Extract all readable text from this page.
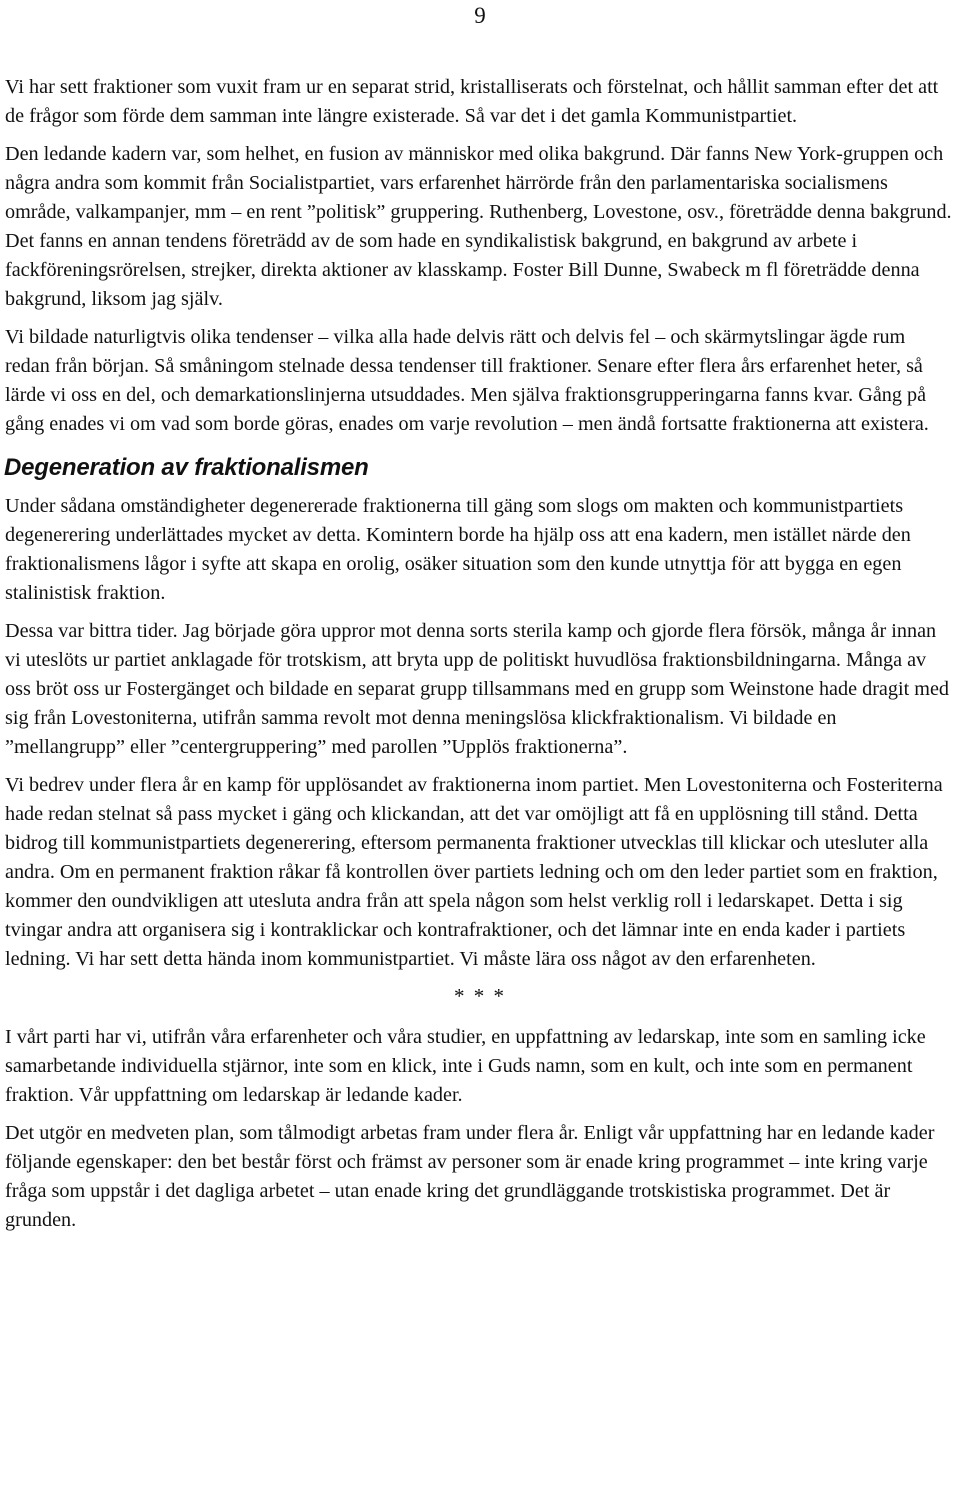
9

Vi har sett fraktioner som vuxit fram ur en separat strid, kristalliserats och förstelnat, och hållit samman efter det att de frågor som förde dem samman inte längre existerade. Så var det i det gamla Kommunistpartiet.

Den ledande kadern var, som helhet, en fusion av människor med olika bakgrund. Där fanns New York-gruppen och några andra som kommit från Socialistpartiet, vars erfarenhet härrörde från den parlamentariska socialismens område, valkampanjer, mm – en rent ”politisk” gruppering. Ruthenberg, Lovestone, osv., företrädde denna bakgrund. Det fanns en annan tendens företrädd av de som hade en syndikalistisk bakgrund, en bakgrund av arbete i fackföreningsrörelsen, strejker, direkta aktioner av klasskamp. Foster Bill Dunne, Swabeck m fl företrädde denna bakgrund, liksom jag själv.

Vi bildade naturligtvis olika tendenser – vilka alla hade delvis rätt och delvis fel – och skärmytslingar ägde rum redan från början. Så småningom stelnade dessa tendenser till fraktioner. Senare efter flera års erfarenhet heter, så lärde vi oss en del, och demarkationslinjerna utsuddades. Men själva fraktionsgrupperingarna fanns kvar. Gång på gång enades vi om vad som borde göras, enades om varje revolution – men ändå fortsatte fraktionerna att existera.

Degeneration av fraktionalismen

Under sådana omständigheter degenererade fraktionerna till gäng som slogs om makten och kommunistpartiets degenerering underlättades mycket av detta. Komintern borde ha hjälp oss att ena kadern, men istället närde den fraktionalismens lågor i syfte att skapa en orolig, osäker situation som den kunde utnyttja för att bygga en egen stalinistisk fraktion.

Dessa var bittra tider. Jag började göra uppror mot denna sorts sterila kamp och gjorde flera försök, många år innan vi uteslöts ur partiet anklagade för trotskism, att bryta upp de politiskt huvudlösa fraktionsbildningarna. Många av oss bröt oss ur Fostergänget och bildade en separat grupp tillsammans med en grupp som Weinstone hade dragit med sig från Lovestoniterna, utifrån samma revolt mot denna meningslösa klickfraktionalism. Vi bildade en ”mellangrupp” eller ”centergruppering” med parollen ”Upplös fraktionerna”.

Vi bedrev under flera år en kamp för upplösandet av fraktionerna inom partiet. Men Lovestoniterna och Fosteriterna hade redan stelnat så pass mycket i gäng och klickandan, att det var omöjligt att få en upplösning till stånd. Detta bidrog till kommunistpartiets degenerering, eftersom permanenta fraktioner utvecklas till klickar och utesluter alla andra. Om en permanent fraktion råkar få kontrollen över partiets ledning och om den leder partiet som en fraktion, kommer den oundvikligen att utesluta andra från att spela någon som helst verklig roll i ledarskapet. Detta i sig tvingar andra att organisera sig i kontraklickar och kontrafraktioner, och det lämnar inte en enda kader i partiets ledning. Vi har sett detta hända inom kommunistpartiet. Vi måste lära oss något av den erfarenheten.

* * *

I vårt parti har vi, utifrån våra erfarenheter och våra studier, en uppfattning av ledarskap, inte som en samling icke samarbetande individuella stjärnor, inte som en klick, inte i Guds namn, som en kult, och inte som en permanent fraktion. Vår uppfattning om ledarskap är ledande kader.

Det utgör en medveten plan, som tålmodigt arbetas fram under flera år. Enligt vår uppfattning har en ledande kader följande egenskaper: den bet består först och främst av personer som är enade kring programmet – inte kring varje fråga som uppstår i det dagliga arbetet – utan enade kring det grundläggande trotskistiska programmet. Det är grunden.
